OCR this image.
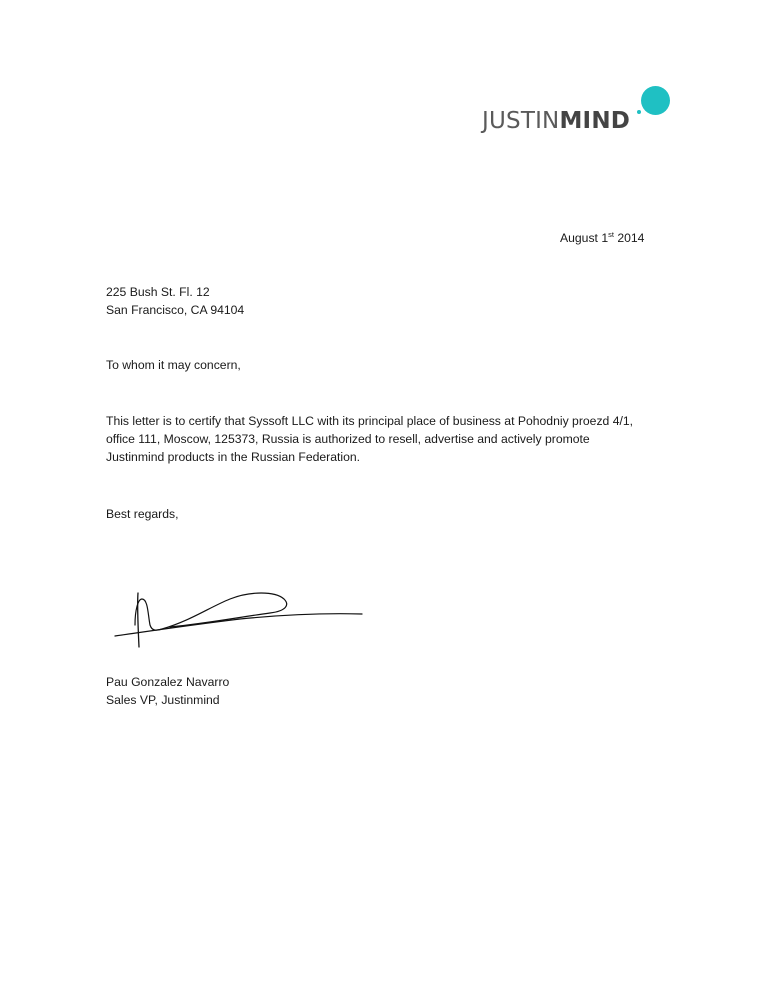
JUSTINMIND
August 1st 2014
225 Bush St. Fl. 12
San Francisco, CA 94104
To whom it may concern,
This letter is to certify that Syssoft LLC with its principal place of business at Pohodniy proezd 4/1,
office 111, Moscow, 125373, Russia is authorized to resell, advertise and actively promote
Justinmind products in the Russian Federation.
Best regards,
Pau Gonzalez Navarro
Sales VP, Justinmind
